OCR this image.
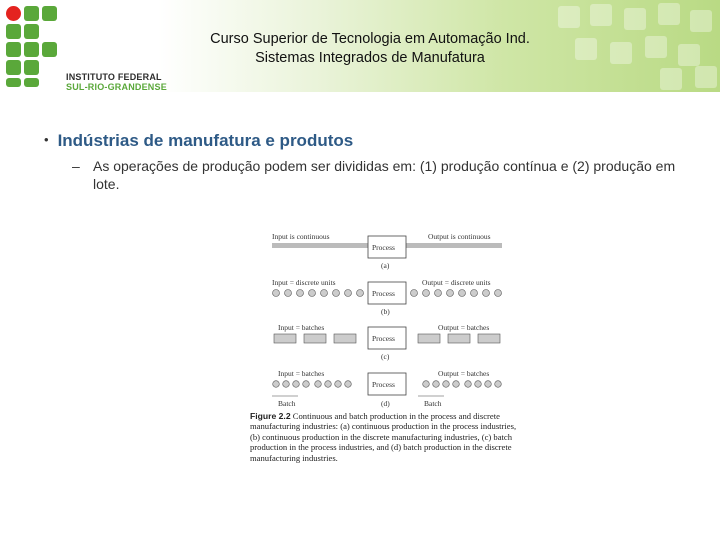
INSTITUTO FEDERAL
SUL-RIO-GRANDENSE
Curso Superior de Tecnologia em Automação Ind.
Sistemas Integrados de Manufatura
• Indústrias de manufatura e produtos
– As operações de produção podem ser divididas em: (1) produção contínua e (2) produção em lote.
Input is continuous	Output is continuous
Process
(a)
Input = discrete units	Output = discrete units
Process
(b)
Input = batches	Output = batches
Process
(c)
Input = batches	Output = batches
Process
Batch	(d)	Batch
Figure 2.2 Continuous and batch production in the process and discrete manufacturing industries: (a) continuous production in the process industries, (b) continuous production in the discrete manufacturing industries, (c) batch production in the process industries, and (d) batch production in the discrete manufacturing industries.
